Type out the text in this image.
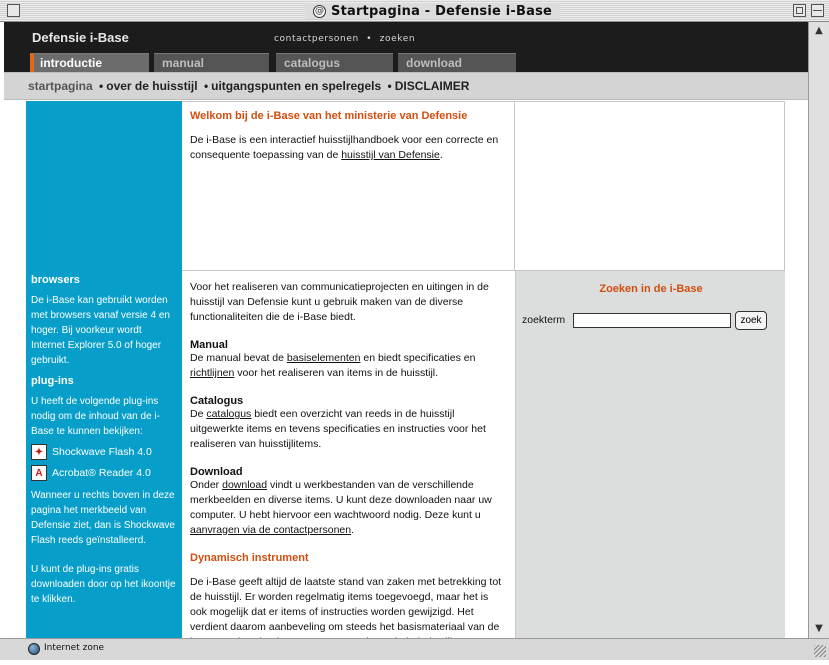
@ Startpagina - Defensie i-Base
Defensie i-Base	contactpersonen • zoeken
introductie	manual	catalogus	download
startpagina • over de huisstijl • uitgangspunten en spelregels • DISCLAIMER
Welkom bij de i-Base van het ministerie van Defensie
De i-Base is een interactief huisstijlhandboek voor een correcte en consequente toepassing van de huisstijl van Defensie.
browsers
De i-Base kan gebruikt worden met browsers vanaf versie 4 en hoger. Bij voorkeur wordt Internet Explorer 5.0 of hoger gebruikt.
plug-ins
U heeft de volgende plug-ins nodig om de inhoud van de i-Base te kunnen bekijken:
✦ Shockwave Flash 4.0
A Acrobat® Reader 4.0
Wanneer u rechts boven in deze pagina het merkbeeld van Defensie ziet, dan is Shockwave Flash reeds geïnstalleerd.
U kunt de plug-ins gratis downloaden door op het ikoontje te klikken.
Voor het realiseren van communicatieprojecten en uitingen in de huisstijl van Defensie kunt u gebruik maken van de diverse functionaliteiten die de i-Base biedt.
Manual
De manual bevat de basiselementen en biedt specificaties en richtlijnen voor het realiseren van items in de huisstijl.
Catalogus
De catalogus biedt een overzicht van reeds in de huisstijl uitgewerkte items en tevens specificaties en instructies voor het realiseren van huisstijlitems.
Download
Onder download vindt u werkbestanden van de verschillende merkbeelden en diverse items. U kunt deze downloaden naar uw computer. U hebt hiervoor een wachtwoord nodig. Deze kunt u aanvragen via de contactpersonen.
Dynamisch instrument
De i-Base geeft altijd de laatste stand van zaken met betrekking tot de huisstijl. Er worden regelmatig items toegevoegd, maar het is ook mogelijk dat er items of instructies worden gewijzigd. Het verdient daarom aanbeveling om steeds het basismateriaal van de
Zoeken in de i-Base
zoekterm	zoek
▲
▼
Internet zone
